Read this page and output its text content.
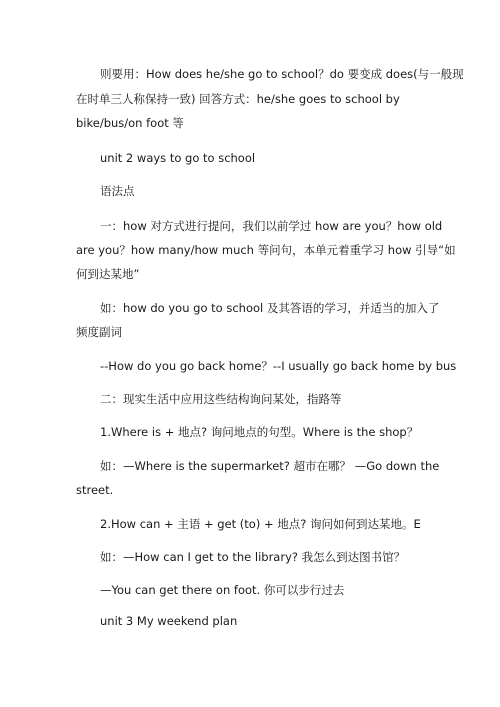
则要用：How does he/she go to school？do 要变成 does(与一般现
在时单三人称保持一致) 回答方式：he/she goes to school by
bike/bus/on foot 等
unit 2 ways to go to school
语法点
一：how 对方式进行提问，我们以前学过 how are you？how old
are you？how many/how much 等问句，本单元着重学习 how 引导“如
何到达某地”
如：how do you go to school 及其答语的学习，并适当的加入了
频度副词
--How do you go back home？--I usually go back home by bus
二：现实生活中应用这些结构询问某处，指路等
1.Where is + 地点? 询问地点的句型。Where is the shop？
如：—Where is the supermarket? 超市在哪？ —Go down the
street.
2.How can + 主语 + get (to) + 地点? 询问如何到达某地。E
如：—How can I get to the library? 我怎么到达图书馆？
—You can get there on foot. 你可以步行过去
unit 3 My weekend plan
